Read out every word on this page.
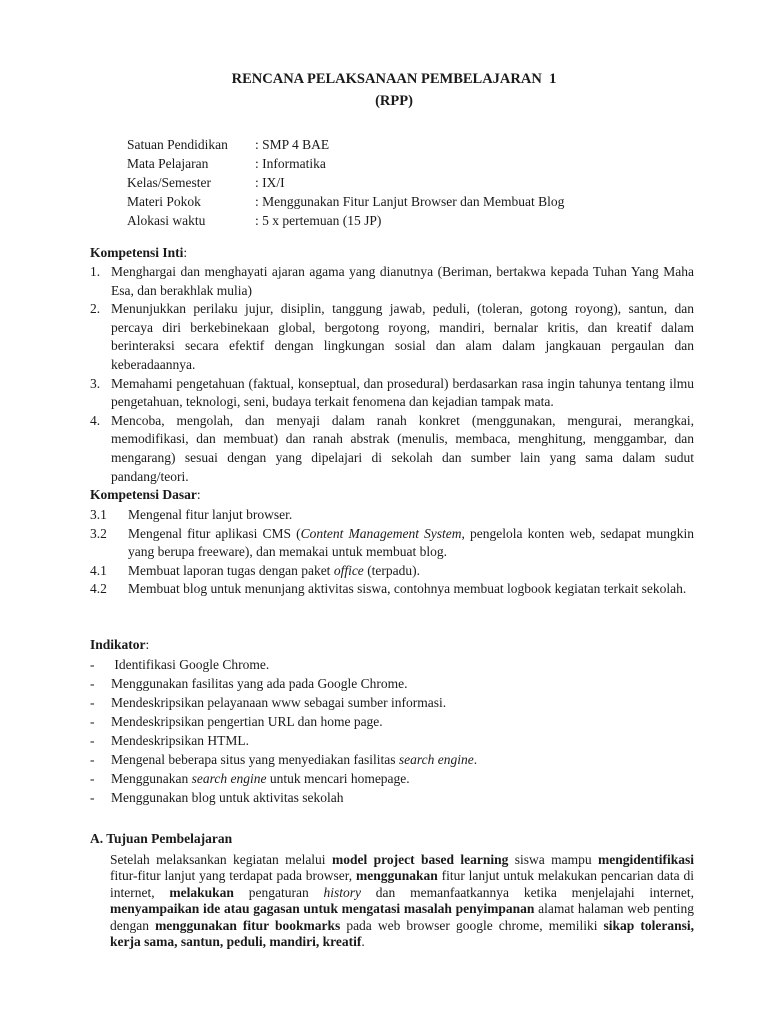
RENCANA PELAKSANAAN PEMBELAJARAN  1
(RPP)
Satuan Pendidikan	: SMP 4 BAE
Mata Pelajaran	: Informatika
Kelas/Semester	: IX/I
Materi Pokok	: Menggunakan Fitur Lanjut Browser dan Membuat Blog
Alokasi waktu	: 5 x pertemuan (15 JP)
Kompetensi Inti:
1. Menghargai dan menghayati ajaran agama yang dianutnya (Beriman, bertakwa kepada Tuhan Yang Maha Esa, dan berakhlak mulia)
2. Menunjukkan perilaku jujur, disiplin, tanggung jawab, peduli, (toleran, gotong royong), santun, dan percaya diri berkebinekaan global, bergotong royong, mandiri, bernalar kritis, dan kreatif dalam berinteraksi secara efektif dengan lingkungan sosial dan alam dalam jangkauan pergaulan dan keberadaannya.
3. Memahami pengetahuan (faktual, konseptual, dan prosedural) berdasarkan rasa ingin tahunya tentang ilmu pengetahuan, teknologi, seni, budaya terkait fenomena dan kejadian tampak mata.
4. Mencoba, mengolah, dan menyaji dalam ranah konkret (menggunakan, mengurai, merangkai, memodifikasi, dan membuat) dan ranah abstrak (menulis, membaca, menghitung, menggambar, dan mengarang) sesuai dengan yang dipelajari di sekolah dan sumber lain yang sama dalam sudut pandang/teori.
Kompetensi Dasar:
3.1	Mengenal fitur lanjut browser.
3.2	Mengenal fitur aplikasi CMS (Content Management System, pengelola konten web, sedapat mungkin yang berupa freeware), dan memakai untuk membuat blog.
4.1	Membuat laporan tugas dengan paket office (terpadu).
4.2	Membuat blog untuk menunjang aktivitas siswa, contohnya membuat logbook kegiatan terkait sekolah.
Indikator:
-	Identifikasi Google Chrome.
-	Menggunakan fasilitas yang ada pada Google Chrome.
-	Mendeskripsikan pelayanaan www sebagai sumber informasi.
-	Mendeskripsikan pengertian URL dan home page.
-	Mendeskripsikan HTML.
-	Mengenal beberapa situs yang menyediakan fasilitas search engine.
-	Menggunakan search engine untuk mencari homepage.
-	Menggunakan blog untuk aktivitas sekolah
A. Tujuan Pembelajaran
Setelah melaksankan kegiatan melalui model project based learning siswa mampu mengidentifikasi fitur-fitur lanjut yang terdapat pada browser, menggunakan fitur lanjut untuk melakukan pencarian data di internet, melakukan pengaturan history dan memanfaatkannya ketika menjelajahi internet, menyampaikan ide atau gagasan untuk mengatasi masalah penyimpanan alamat halaman web penting dengan menggunakan fitur bookmarks pada web browser google chrome, memiliki sikap toleransi, kerja sama, santun, peduli, mandiri, kreatif.
